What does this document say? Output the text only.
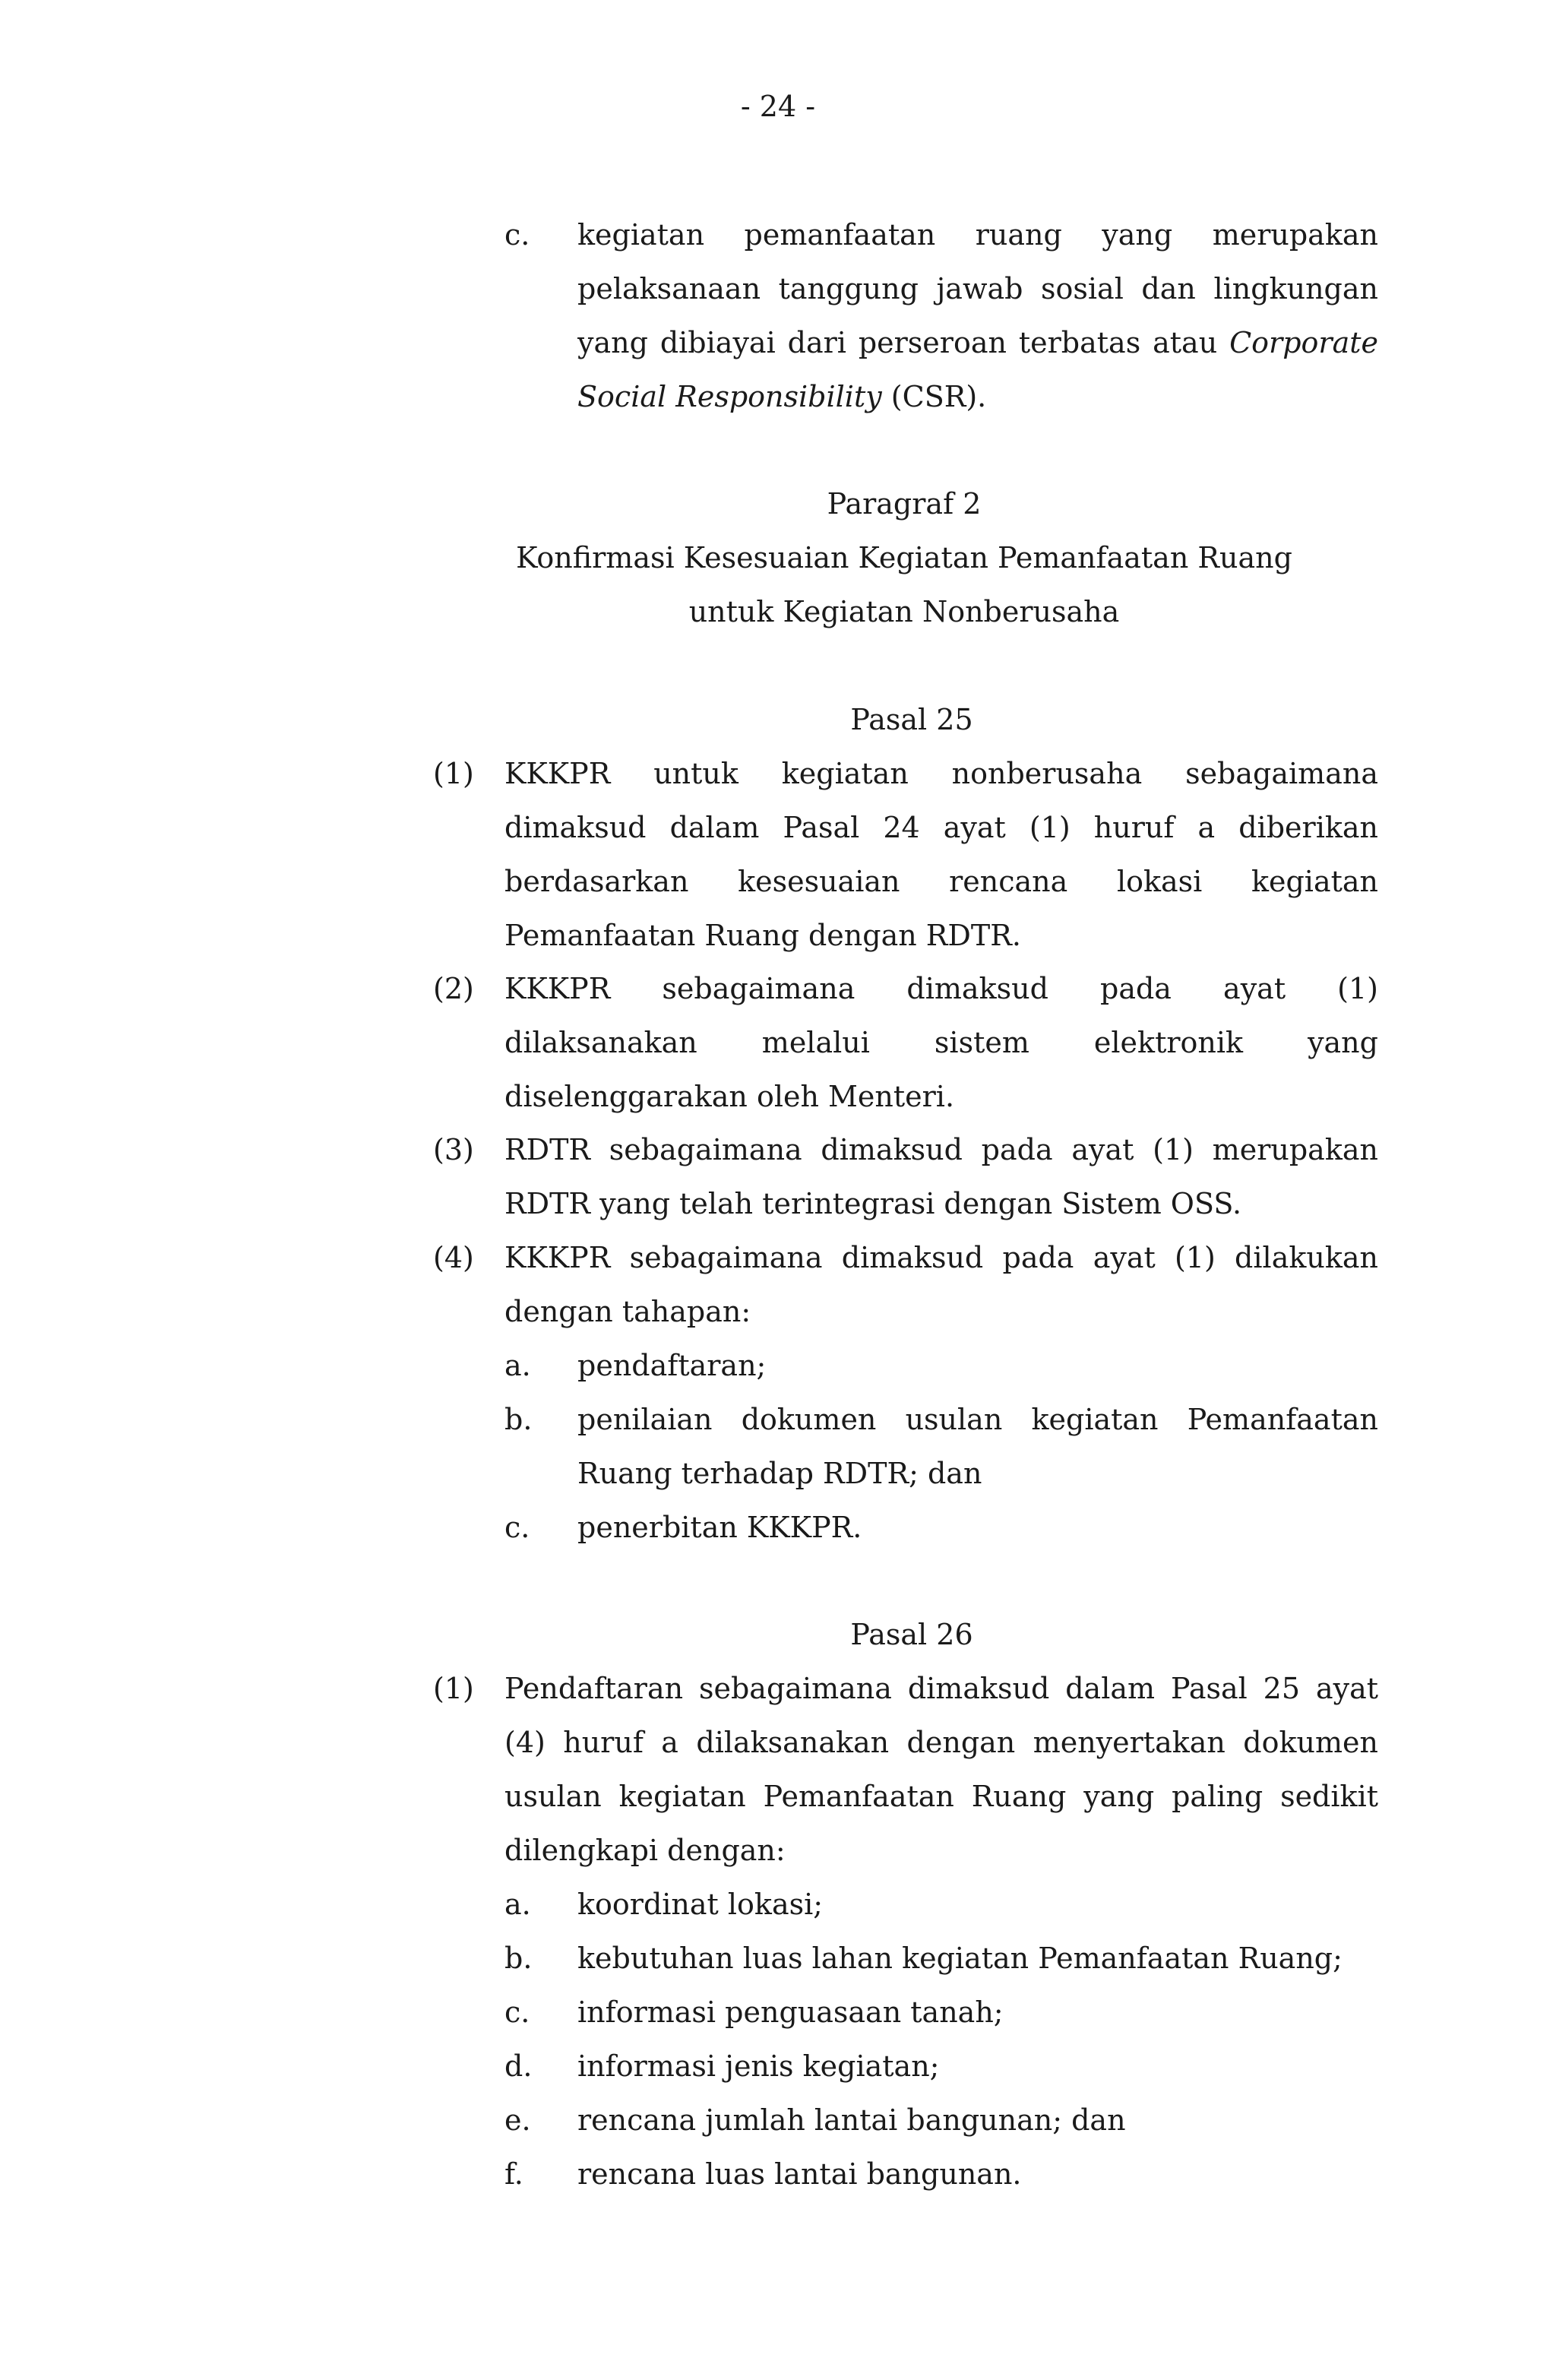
- 24 -
c. kegiatan pemanfaatan ruang yang merupakan
pelaksanaan tanggung jawab sosial dan lingkungan
yang dibiayai dari perseroan terbatas atau Corporate
Social Responsibility (CSR).
Paragraf 2
Konfirmasi Kesesuaian Kegiatan Pemanfaatan Ruang
untuk Kegiatan Nonberusaha
Pasal 25
(1) KKKPR untuk kegiatan nonberusaha sebagaimana
dimaksud dalam Pasal 24 ayat (1) huruf a diberikan
berdasarkan kesesuaian rencana lokasi kegiatan
Pemanfaatan Ruang dengan RDTR.
(2) KKKPR sebagaimana dimaksud pada ayat (1)
dilaksanakan melalui sistem elektronik yang
diselenggarakan oleh Menteri.
(3) RDTR sebagaimana dimaksud pada ayat (1) merupakan
RDTR yang telah terintegrasi dengan Sistem OSS.
(4) KKKPR sebagaimana dimaksud pada ayat (1) dilakukan
dengan tahapan:
a. pendaftaran;
b. penilaian dokumen usulan kegiatan Pemanfaatan
Ruang terhadap RDTR; dan
c. penerbitan KKKPR.
Pasal 26
(1) Pendaftaran sebagaimana dimaksud dalam Pasal 25 ayat
(4) huruf a dilaksanakan dengan menyertakan dokumen
usulan kegiatan Pemanfaatan Ruang yang paling sedikit
dilengkapi dengan:
a. koordinat lokasi;
b. kebutuhan luas lahan kegiatan Pemanfaatan Ruang;
c. informasi penguasaan tanah;
d. informasi jenis kegiatan;
e. rencana jumlah lantai bangunan; dan
f. rencana luas lantai bangunan.
